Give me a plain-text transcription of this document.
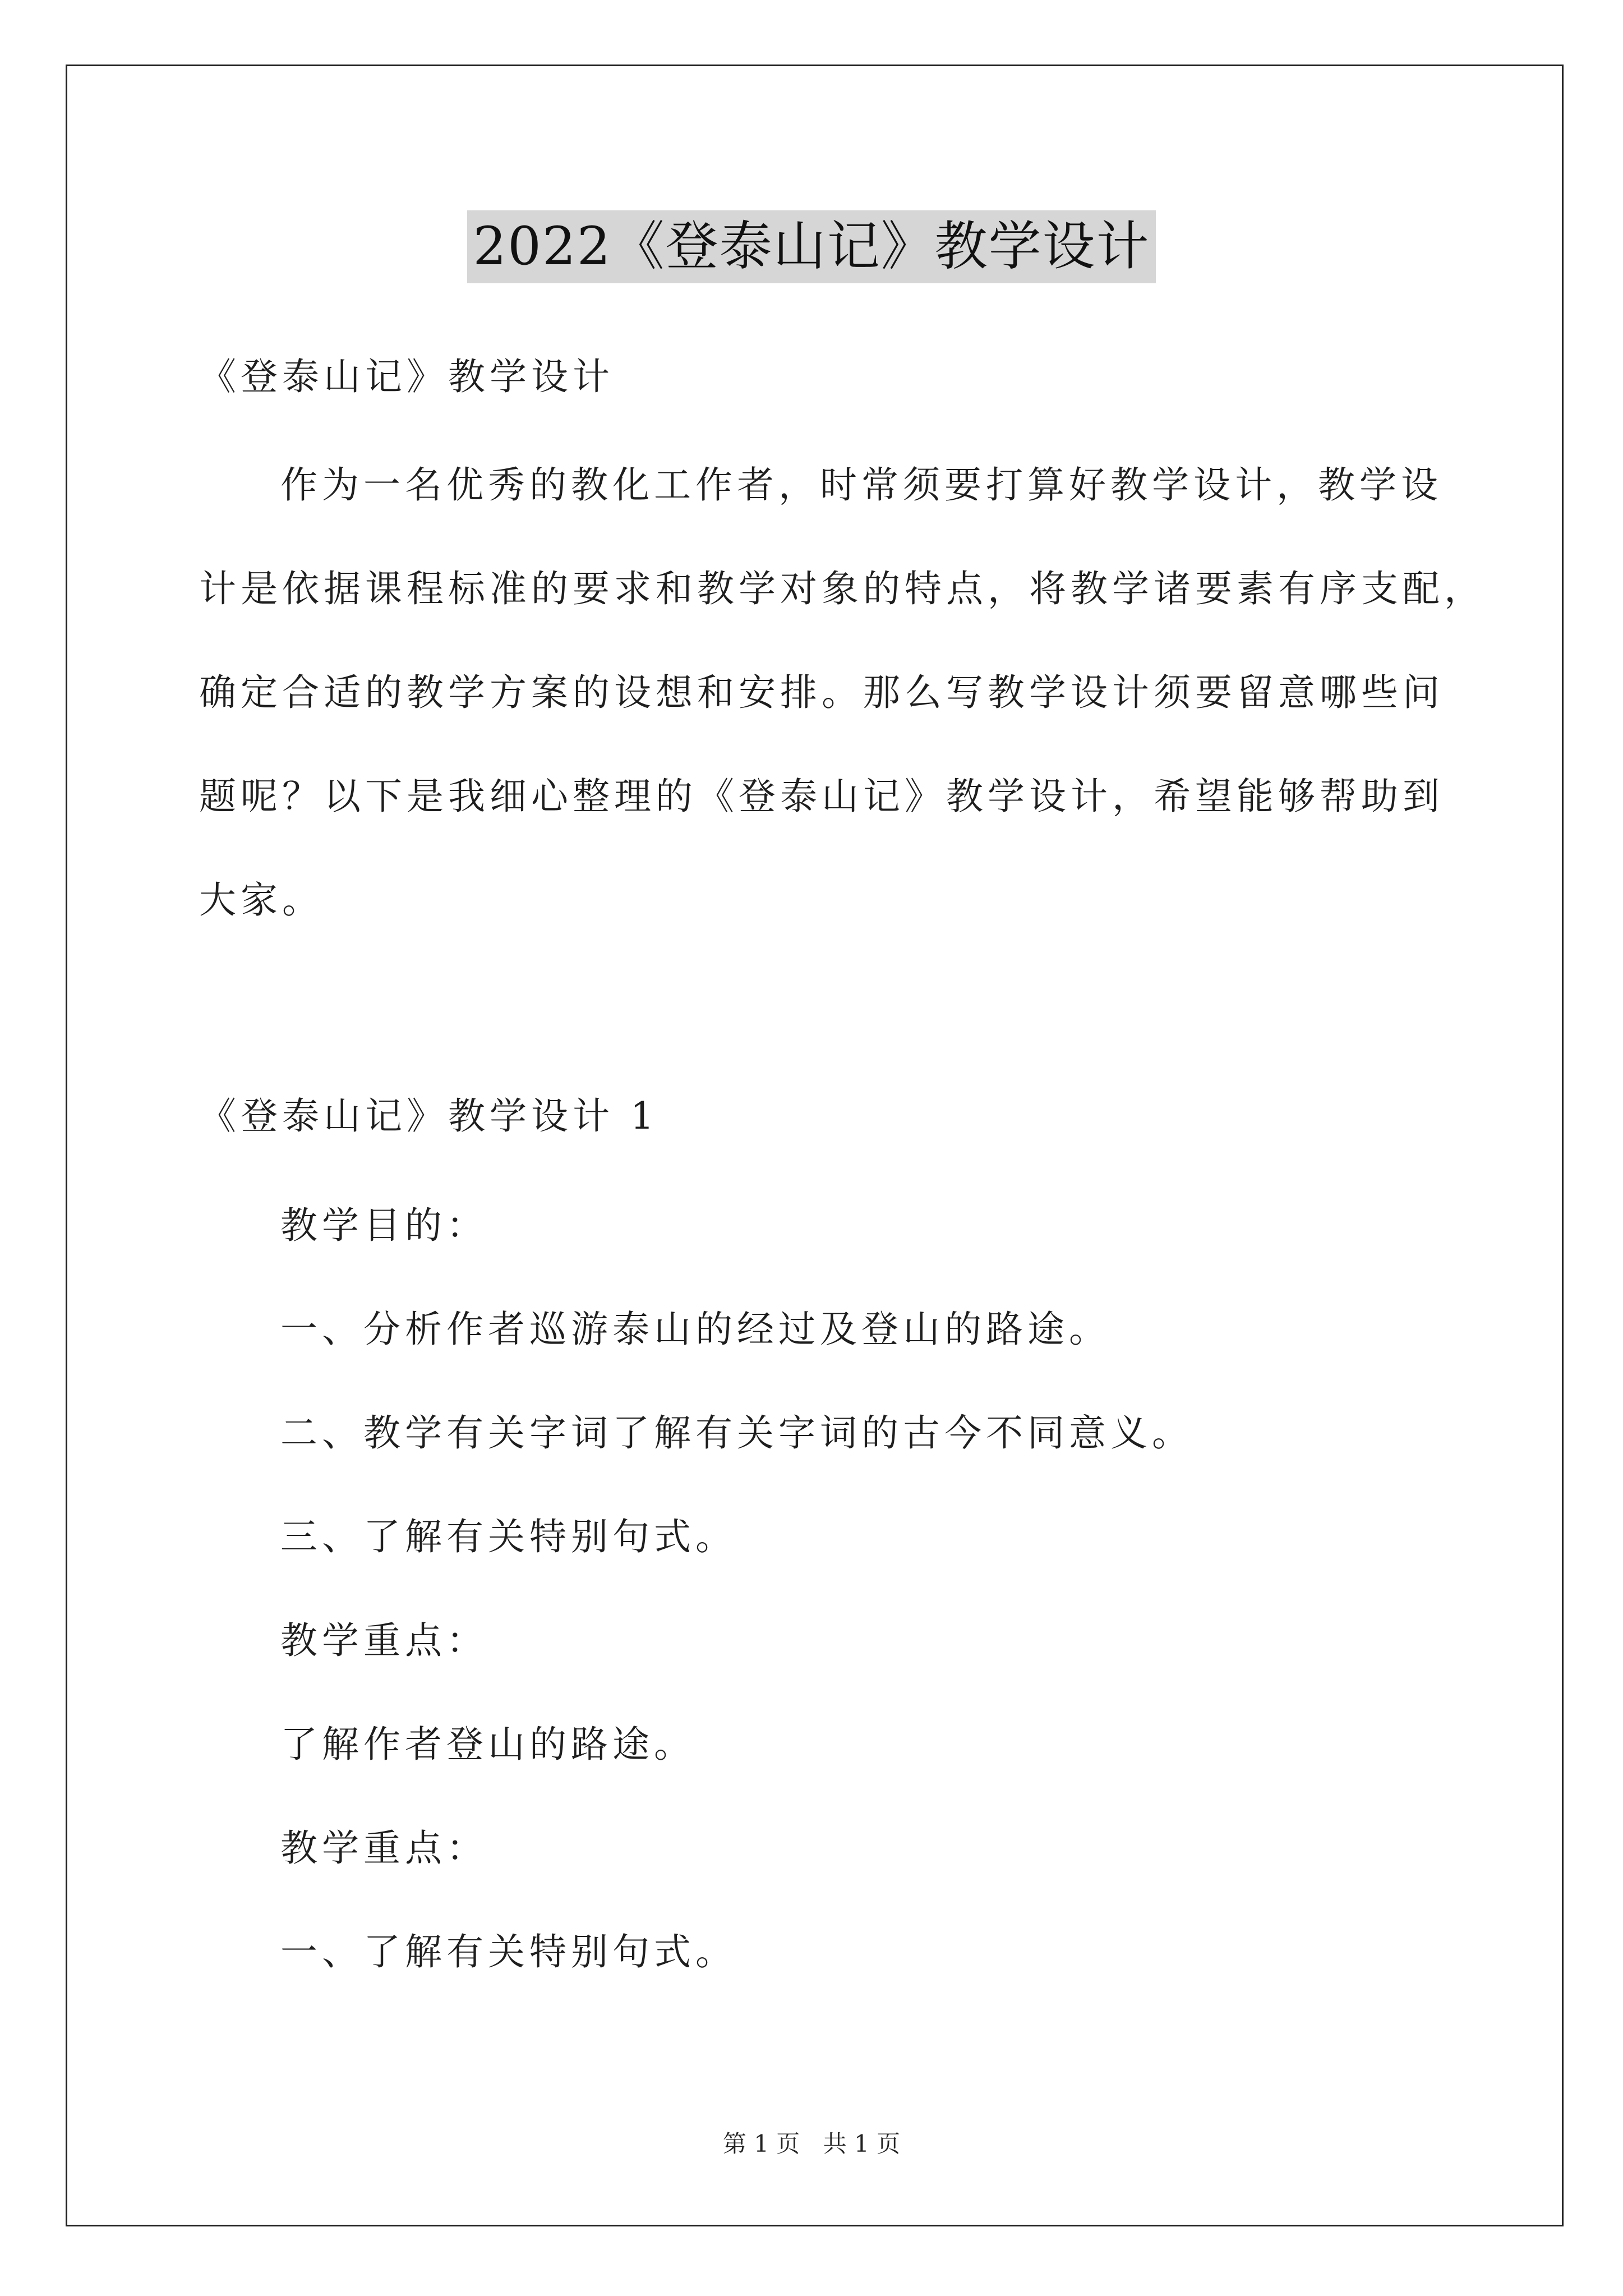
2022《登泰山记》教学设计
《登泰山记》教学设计
作为一名优秀的教化工作者，时常须要打算好教学设计，教学设
计是依据课程标准的要求和教学对象的特点，将教学诸要素有序支配，
确定合适的教学方案的设想和安排。那么写教学设计须要留意哪些问
题呢？以下是我细心整理的《登泰山记》教学设计，希望能够帮助到
大家。
《登泰山记》教学设计 1
教学目的：
一、分析作者巡游泰山的经过及登山的路途。
二、教学有关字词了解有关字词的古今不同意义。
三、了解有关特别句式。
教学重点：
了解作者登山的路途。
教学重点：
一、了解有关特别句式。
第 1 页 共 1 页
